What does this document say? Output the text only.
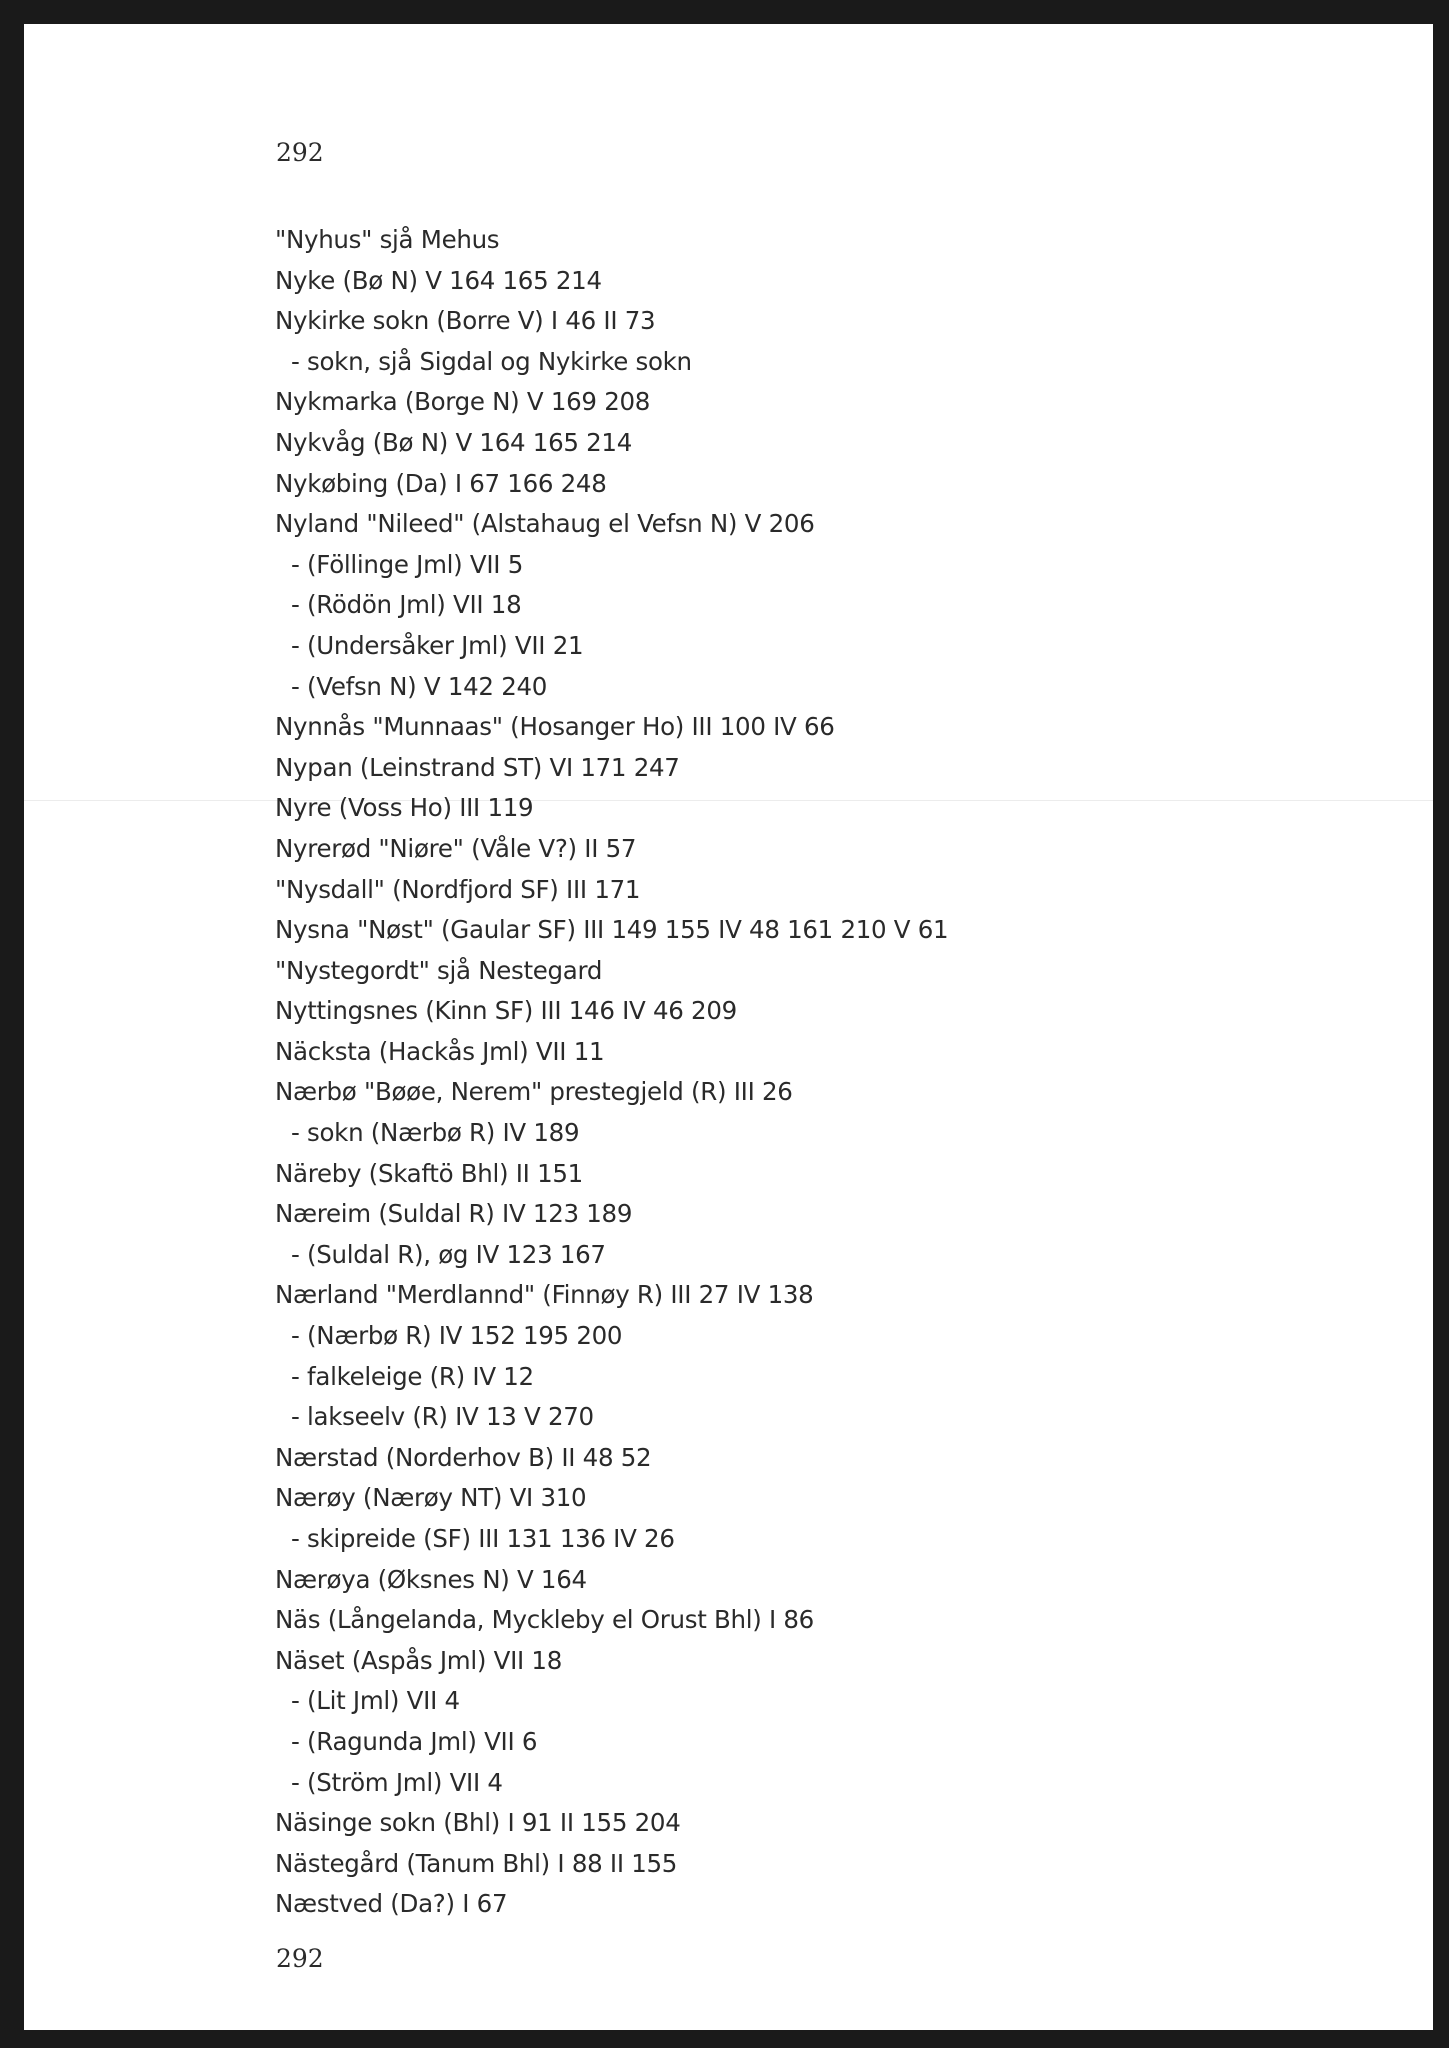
292

"Nyhus" sjå Mehus
Nyke (Bø N) V 164 165 214
Nykirke sokn (Borre V) I 46 II 73
- sokn, sjå Sigdal og Nykirke sokn
Nykmarka (Borge N) V 169 208
Nykvåg (Bø N) V 164 165 214
Nykøbing (Da) I 67 166 248
Nyland "Nileed" (Alstahaug el Vefsn N) V 206
- (Föllinge Jml) VII 5
- (Rödön Jml) VII 18
- (Undersåker Jml) VII 21
- (Vefsn N) V 142 240
Nynnås "Munnaas" (Hosanger Ho) III 100 IV 66
Nypan (Leinstrand ST) VI 171 247
Nyre (Voss Ho) III 119
Nyrerød "Niøre" (Våle V?) II 57
"Nysdall" (Nordfjord SF) III 171
Nysna "Nøst" (Gaular SF) III 149 155 IV 48 161 210 V 61
"Nystegordt" sjå Nestegard
Nyttingsnes (Kinn SF) III 146 IV 46 209
Näcksta (Hackås Jml) VII 11
Nærbø "Bøøe, Nerem" prestegjeld (R) III 26
- sokn (Nærbø R) IV 189
Näreby (Skaftö Bhl) II 151
Næreim (Suldal R) IV 123 189
- (Suldal R), øg IV 123 167
Nærland "Merdlannd" (Finnøy R) III 27 IV 138
- (Nærbø R) IV 152 195 200
- falkeleige (R) IV 12
- lakseelv (R) IV 13 V 270
Nærstad (Norderhov B) II 48 52
Nærøy (Nærøy NT) VI 310
- skipreide (SF) III 131 136 IV 26
Nærøya (Øksnes N) V 164
Näs (Långelanda, Myckleby el Orust Bhl) I 86
Näset (Aspås Jml) VII 18
- (Lit Jml) VII 4
- (Ragunda Jml) VII 6
- (Ström Jml) VII 4
Näsinge sokn (Bhl) I 91 II 155 204
Nästegård (Tanum Bhl) I 88 II 155
Næstved (Da?) I 67

292
